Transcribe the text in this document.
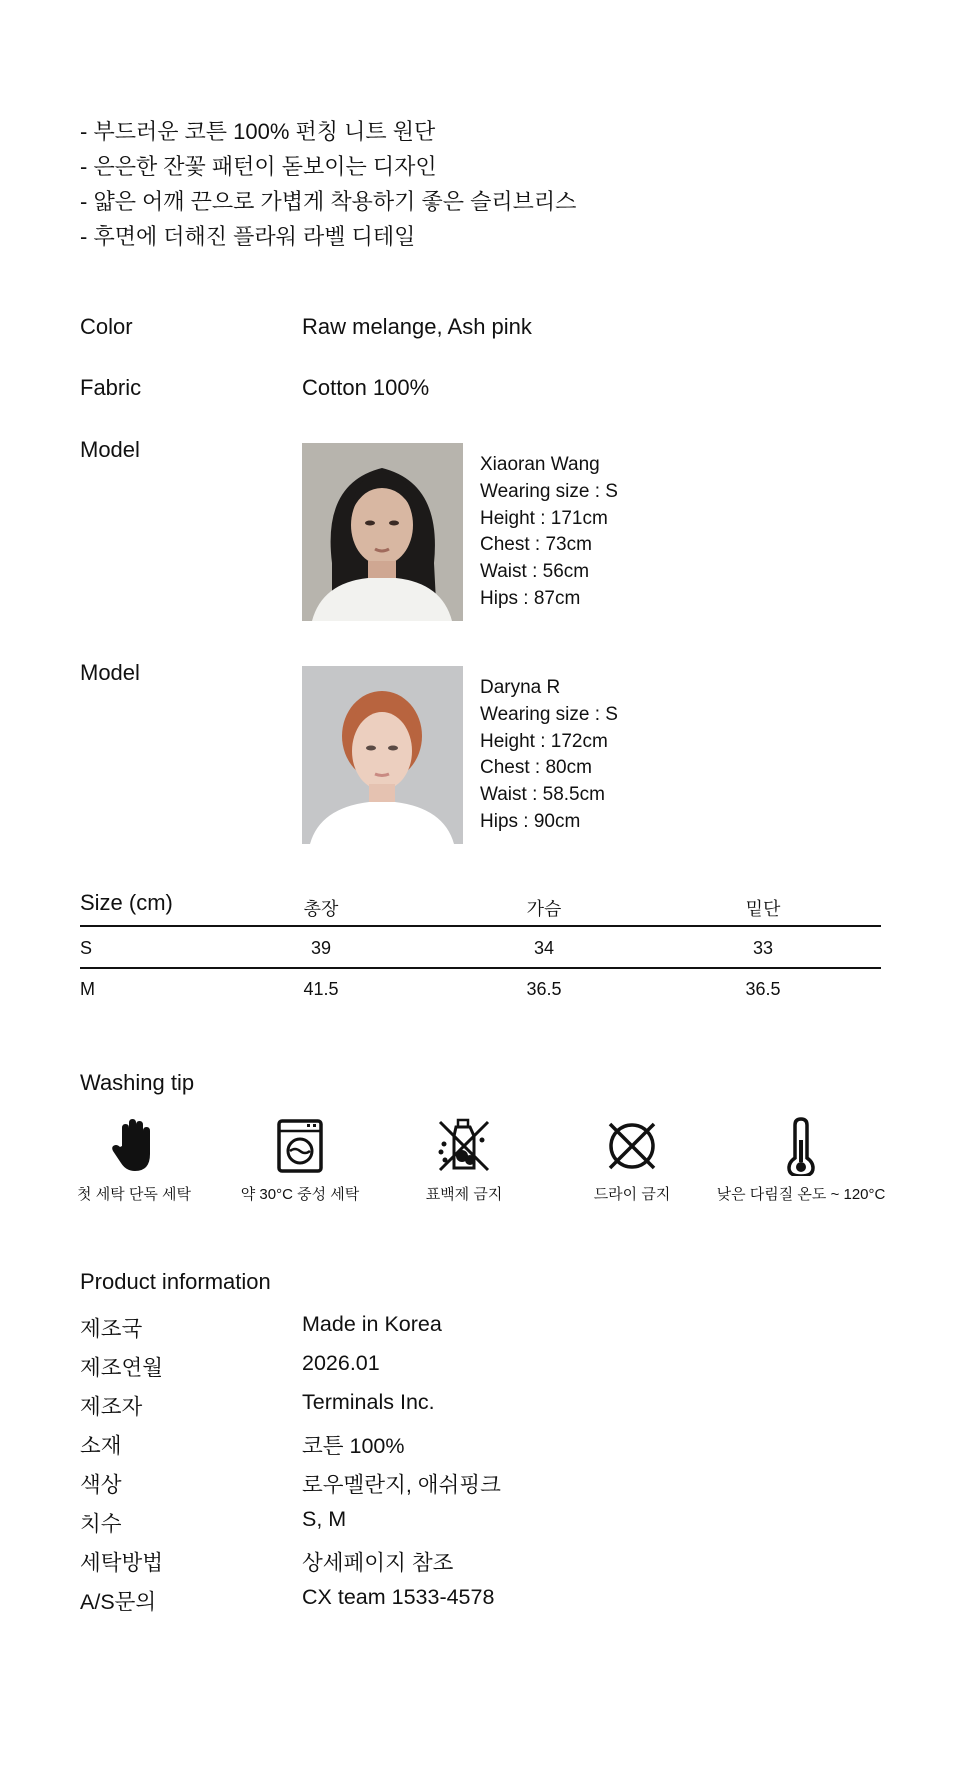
- 부드러운 코튼 100% 펀칭 니트 원단
- 은은한 잔꽃 패턴이 돋보이는 디자인
- 얇은 어깨 끈으로 가볍게 착용하기 좋은 슬리브리스
- 후면에 더해진 플라워 라벨 디테일
Color	Raw melange, Ash pink
Fabric	Cotton 100%
Model
Xiaoran Wang
Wearing size : S
Height : 171cm
Chest : 73cm
Waist : 56cm
Hips : 87cm
Model
Daryna R
Wearing size : S
Height : 172cm
Chest : 80cm
Waist : 58.5cm
Hips : 90cm
Size (cm)	총장	가슴	밑단
S	39	34	33
M	41.5	36.5	36.5
Washing tip
첫 세탁 단독 세탁	약 30°C 중성 세탁	표백제 금지	드라이 금지	낮은 다림질 온도 ~ 120°C
Product information
제조국	Made in Korea
제조연월	2026.01
제조자	Terminals Inc.
소재	코튼 100%
색상	로우멜란지, 애쉬핑크
치수	S, M
세탁방법	상세페이지 참조
A/S문의	CX team 1533-4578
